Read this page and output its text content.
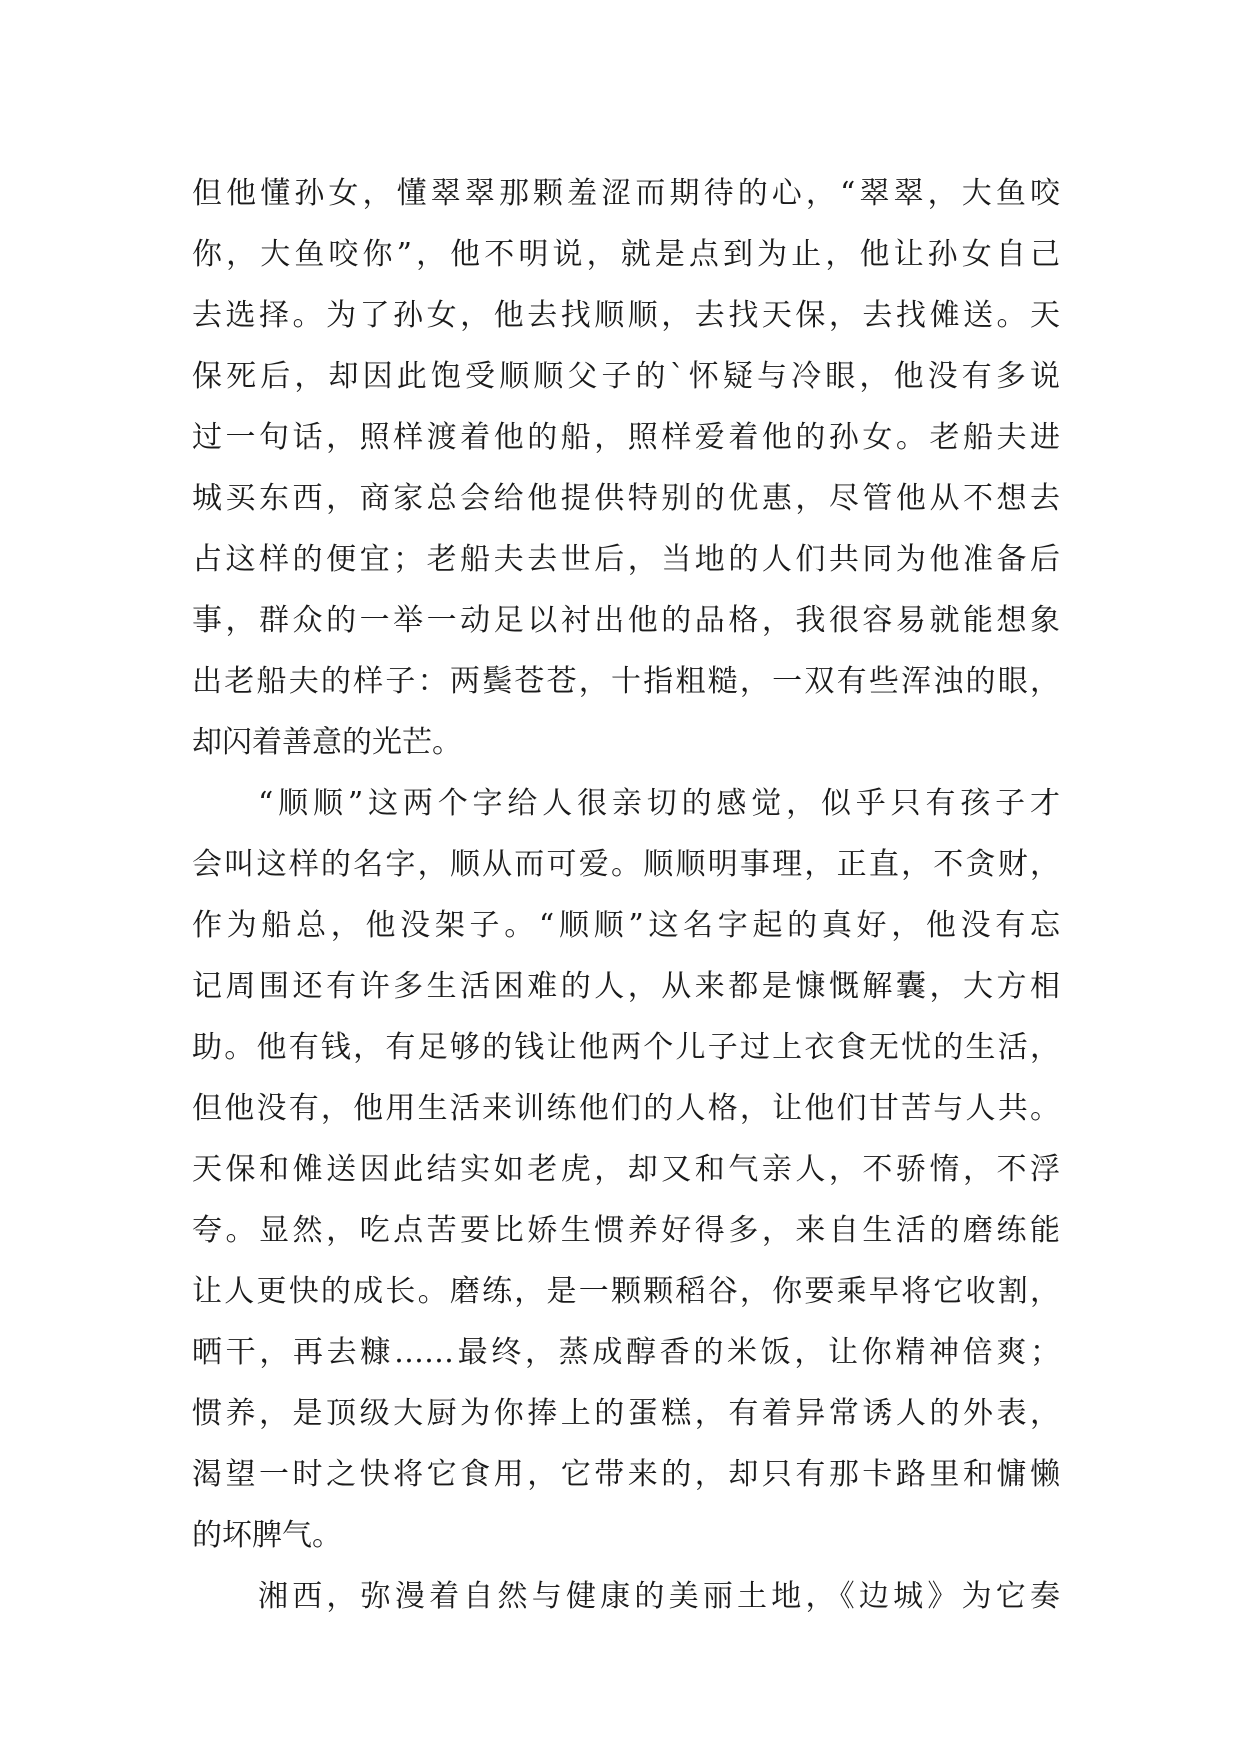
但他懂孙女，懂翠翠那颗羞涩而期待的心，“翠翠，大鱼咬
你，大鱼咬你”，他不明说，就是点到为止，他让孙女自己
去选择。为了孙女，他去找顺顺，去找天保，去找傩送。天
保死后，却因此饱受顺顺父子的`怀疑与冷眼，他没有多说
过一句话，照样渡着他的船，照样爱着他的孙女。老船夫进
城买东西，商家总会给他提供特别的优惠，尽管他从不想去
占这样的便宜；老船夫去世后，当地的人们共同为他准备后
事，群众的一举一动足以衬出他的品格，我很容易就能想象
出老船夫的样子：两鬓苍苍，十指粗糙，一双有些浑浊的眼，
却闪着善意的光芒。
“顺顺”这两个字给人很亲切的感觉，似乎只有孩子才
会叫这样的名字，顺从而可爱。顺顺明事理，正直，不贪财，
作为船总，他没架子。“顺顺”这名字起的真好，他没有忘
记周围还有许多生活困难的人，从来都是慷慨解囊，大方相
助。他有钱，有足够的钱让他两个儿子过上衣食无忧的生活，
但他没有，他用生活来训练他们的人格，让他们甘苦与人共。
天保和傩送因此结实如老虎，却又和气亲人，不骄惰，不浮
夸。显然，吃点苦要比娇生惯养好得多，来自生活的磨练能
让人更快的成长。磨练，是一颗颗稻谷，你要乘早将它收割，
晒干，再去糠……最终，蒸成醇香的米饭，让你精神倍爽；
惯养，是顶级大厨为你捧上的蛋糕，有着异常诱人的外表，
渴望一时之快将它食用，它带来的，却只有那卡路里和慵懒
的坏脾气。
湘西，弥漫着自然与健康的美丽土地，《边城》为它奏
